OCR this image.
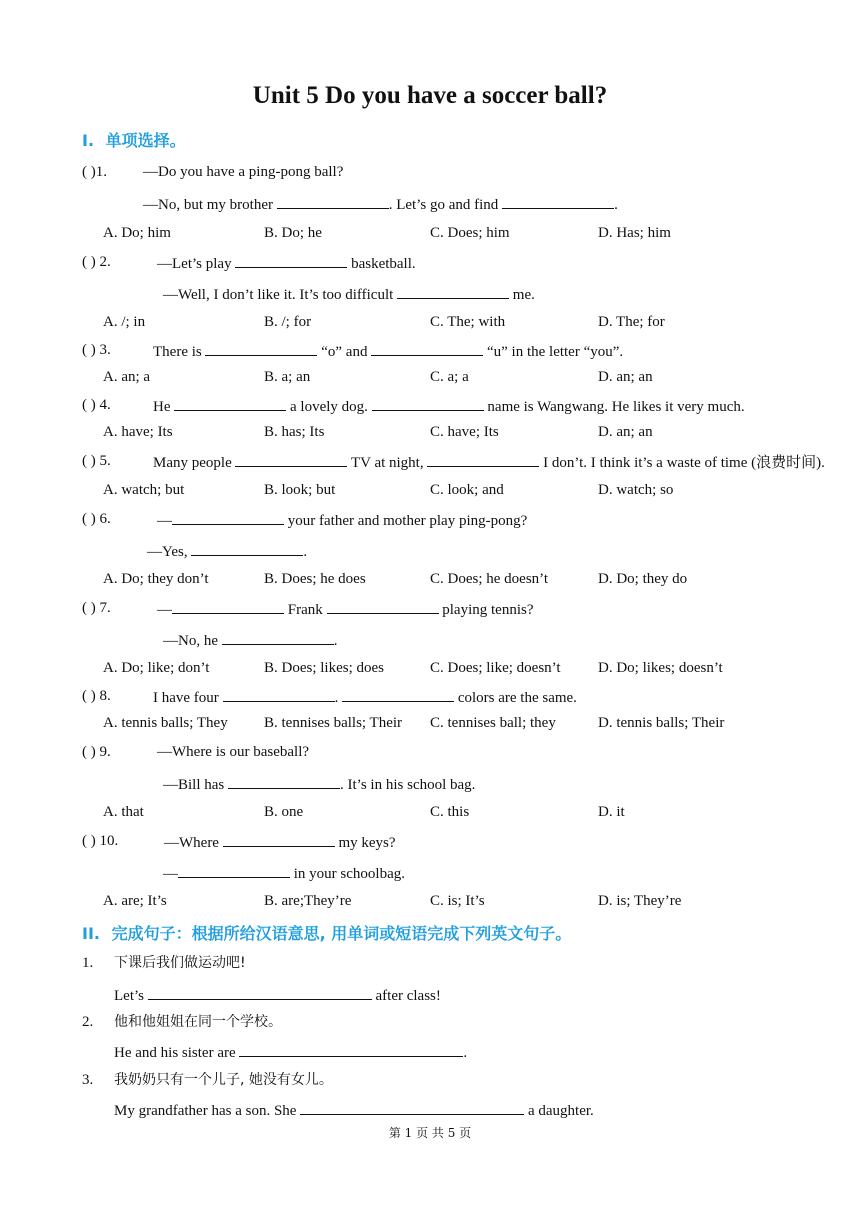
Unit 5 Do you have a soccer ball?
I. 单项选择。
( )1. —Do you have a ping-pong ball?
—No, but my brother	. Let’s go and find	.
A. Do; him	B. Do; he	C. Does; him	D. Has; him
( ) 2.	—Let’s play	basketball.
—Well, I don’t like it. It’s too difficult	me.
A. /; in	B. /; for	C. The; with	D. The; for
( ) 3.	There is	“o” and	“u” in the letter “you”.
A. an; a	B. a; an	C. a; a	D. an; an
( ) 4.	He	a lovely dog.	name is Wangwang. He likes it very much.
A. have; Its	B. has; Its	C. have; Its	D. an; an
( ) 5.	Many people	TV at night,	I don’t. I think it’s a waste of time (浪费时间).
A. watch; but	B. look; but	C. look; and	D. watch; so
( ) 6.	—	your father and mother play ping-pong?
—Yes,	.
A. Do; they don’t	B. Does; he does	C. Does; he doesn’t	D. Do; they do
( ) 7.	—	Frank	playing tennis?
—No, he	.
A. Do; like; don’t	B. Does; likes; does	C. Does; like; doesn’t D. Do; likes; doesn’t
( ) 8.	I have four	.	colors are the same.
A. tennis balls; They B. tennises balls; Their C. tennises ball; they	D. tennis balls; Their
( ) 9.	—Where is our baseball?
—Bill has	. It’s in his school bag.
A. that	B. one	C. this	D. it
( ) 10.	—Where	my keys?
—	in your schoolbag.
A. are; It’s	B. are;They’re	C. is; It’s	D. is; They’re
II. 完成句子：根据所给汉语意思, 用单词或短语完成下列英文句子。
1. 下课后我们做运动吧!
Let’s	after class!
2. 他和他姐姐在同一个学校。
He and his sister are	.
3. 我奶奶只有一个儿子, 她没有女儿。
My grandfather has a son. She	a daughter.
第 1 页 共 5 页
